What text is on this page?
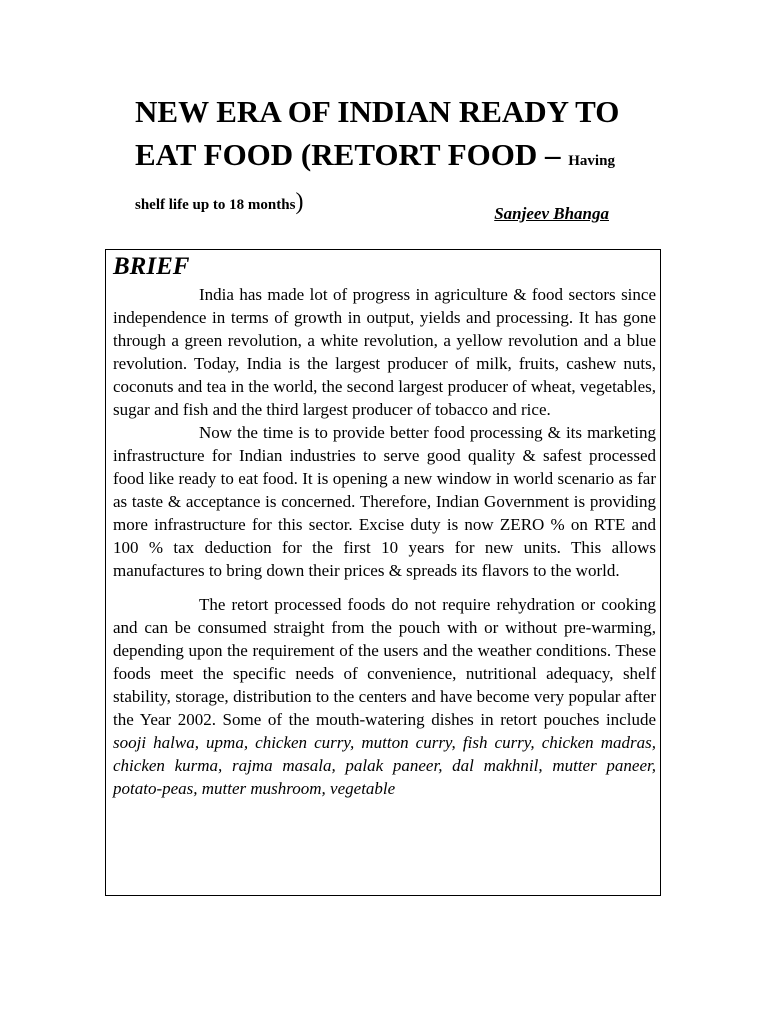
NEW ERA OF INDIAN READY TO
EAT FOOD (RETORT FOOD – Having
shelf life up to 18 months)	Sanjeev Bhanga
BRIEF

India has made lot of progress in agriculture & food sectors since independence in terms of growth in output, yields and processing. It has gone through a green revolution, a white revolution, a yellow revolution and a blue revolution. Today, India is the largest producer of milk, fruits, cashew nuts, coconuts and tea in the world, the second largest producer of wheat, vegetables, sugar and fish and the third largest producer of tobacco and rice.

Now the time is to provide better food processing & its marketing infrastructure for Indian industries to serve good quality & safest processed food like ready to eat food. It is opening a new window in world scenario as far as taste & acceptance is concerned. Therefore, Indian Government is providing more infrastructure for this sector. Excise duty is now ZERO % on RTE and 100 % tax deduction for the first 10 years for new units. This allows manufactures to bring down their prices & spreads its flavors to the world.

The retort processed foods do not require rehydration or cooking and can be consumed straight from the pouch with or without pre-warming, depending upon the requirement of the users and the weather conditions. These foods meet the specific needs of convenience, nutritional adequacy, shelf stability, storage, distribution to the centers and have become very popular after the Year 2002. Some of the mouth-watering dishes in retort pouches include sooji halwa, upma, chicken curry, mutton curry, fish curry, chicken madras, chicken kurma, rajma masala, palak paneer, dal makhnil, mutter paneer, potato-peas, mutter mushroom, vegetable
